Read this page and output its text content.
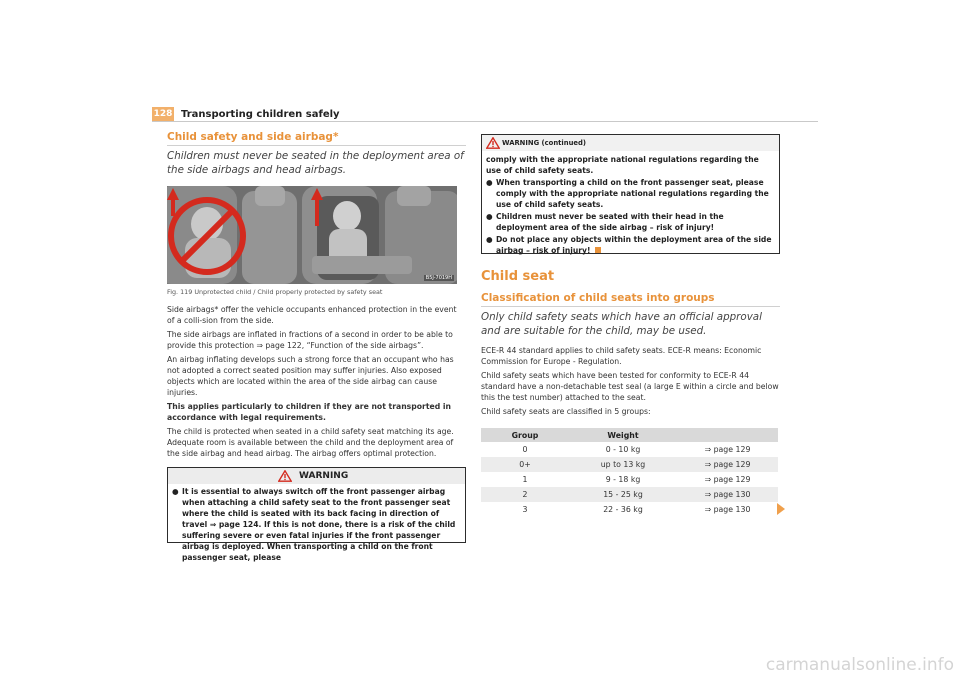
128 Transporting children safely
Child safety and side airbag*
Children must never be seated in the deployment area of the side airbags and head airbags.
B5J-7019H
Fig. 119 Unprotected child / Child properly protected by safety seat

Side airbags* offer the vehicle occupants enhanced protection in the event of a colli-sion from the side.

The side airbags are inflated in fractions of a second in order to be able to provide this protection ⇒ page 122, “Function of the side airbags”.

An airbag inflating develops such a strong force that an occupant who has not adopted a correct seated position may suffer injuries. Also exposed objects which are located within the area of the side airbag can cause injuries.

This applies particularly to children if they are not transported in accordance with legal requirements.

The child is protected when seated in a child safety seat matching its age. Adequate room is available between the child and the deployment area of the side airbag and head airbag. The airbag offers optimal protection.

WARNING
● It is essential to always switch off the front passenger airbag when attaching a child safety seat to the front passenger seat where the child is seated with its back facing in direction of travel ⇒ page 124. If this is not done, there is a risk of the child suffering severe or even fatal injuries if the front passenger airbag is deployed. When transporting a child on the front passenger seat, please
WARNING (continued)
comply with the appropriate national regulations regarding the use of child safety seats.
● When transporting a child on the front passenger seat, please comply with the appropriate national regulations regarding the use of child safety seats.
● Children must never be seated with their head in the deployment area of the side airbag – risk of injury!
● Do not place any objects within the deployment area of the side airbag – risk of injury!
Child seat
Classification of child seats into groups
Only child safety seats which have an official approval and are suitable for the child, may be used.

ECE-R 44 standard applies to child safety seats. ECE-R means: Economic Commission for Europe - Regulation.

Child safety seats which have been tested for conformity to ECE-R 44 standard have a non-detachable test seal (a large E within a circle and below this the test number) attached to the seat.

Child safety seats are classified in 5 groups:

Group	Weight	
0	0 - 10 kg	⇒ page 129
0+	up to 13 kg	⇒ page 129
1	9 - 18 kg	⇒ page 129
2	15 - 25 kg	⇒ page 130
3	22 - 36 kg	⇒ page 130
carmanualsonline.info
